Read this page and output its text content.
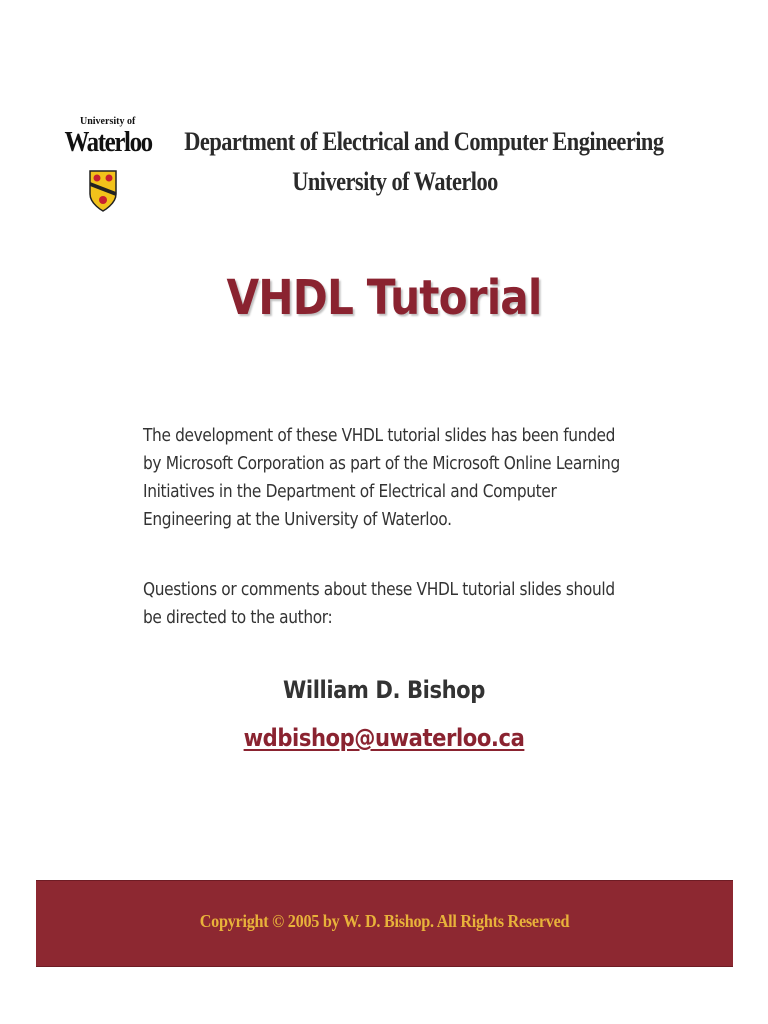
University of
Waterloo Department of Electrical and Computer Engineering
University of Waterloo
VHDL Tutorial
The development of these VHDL tutorial slides has been funded by Microsoft Corporation as part of the Microsoft Online Learning Initiatives in the Department of Electrical and Computer Engineering at the University of Waterloo.
Questions or comments about these VHDL tutorial slides should be directed to the author:
William D. Bishop
wdbishop@uwaterloo.ca
Copyright © 2005 by W. D. Bishop. All Rights Reserved
